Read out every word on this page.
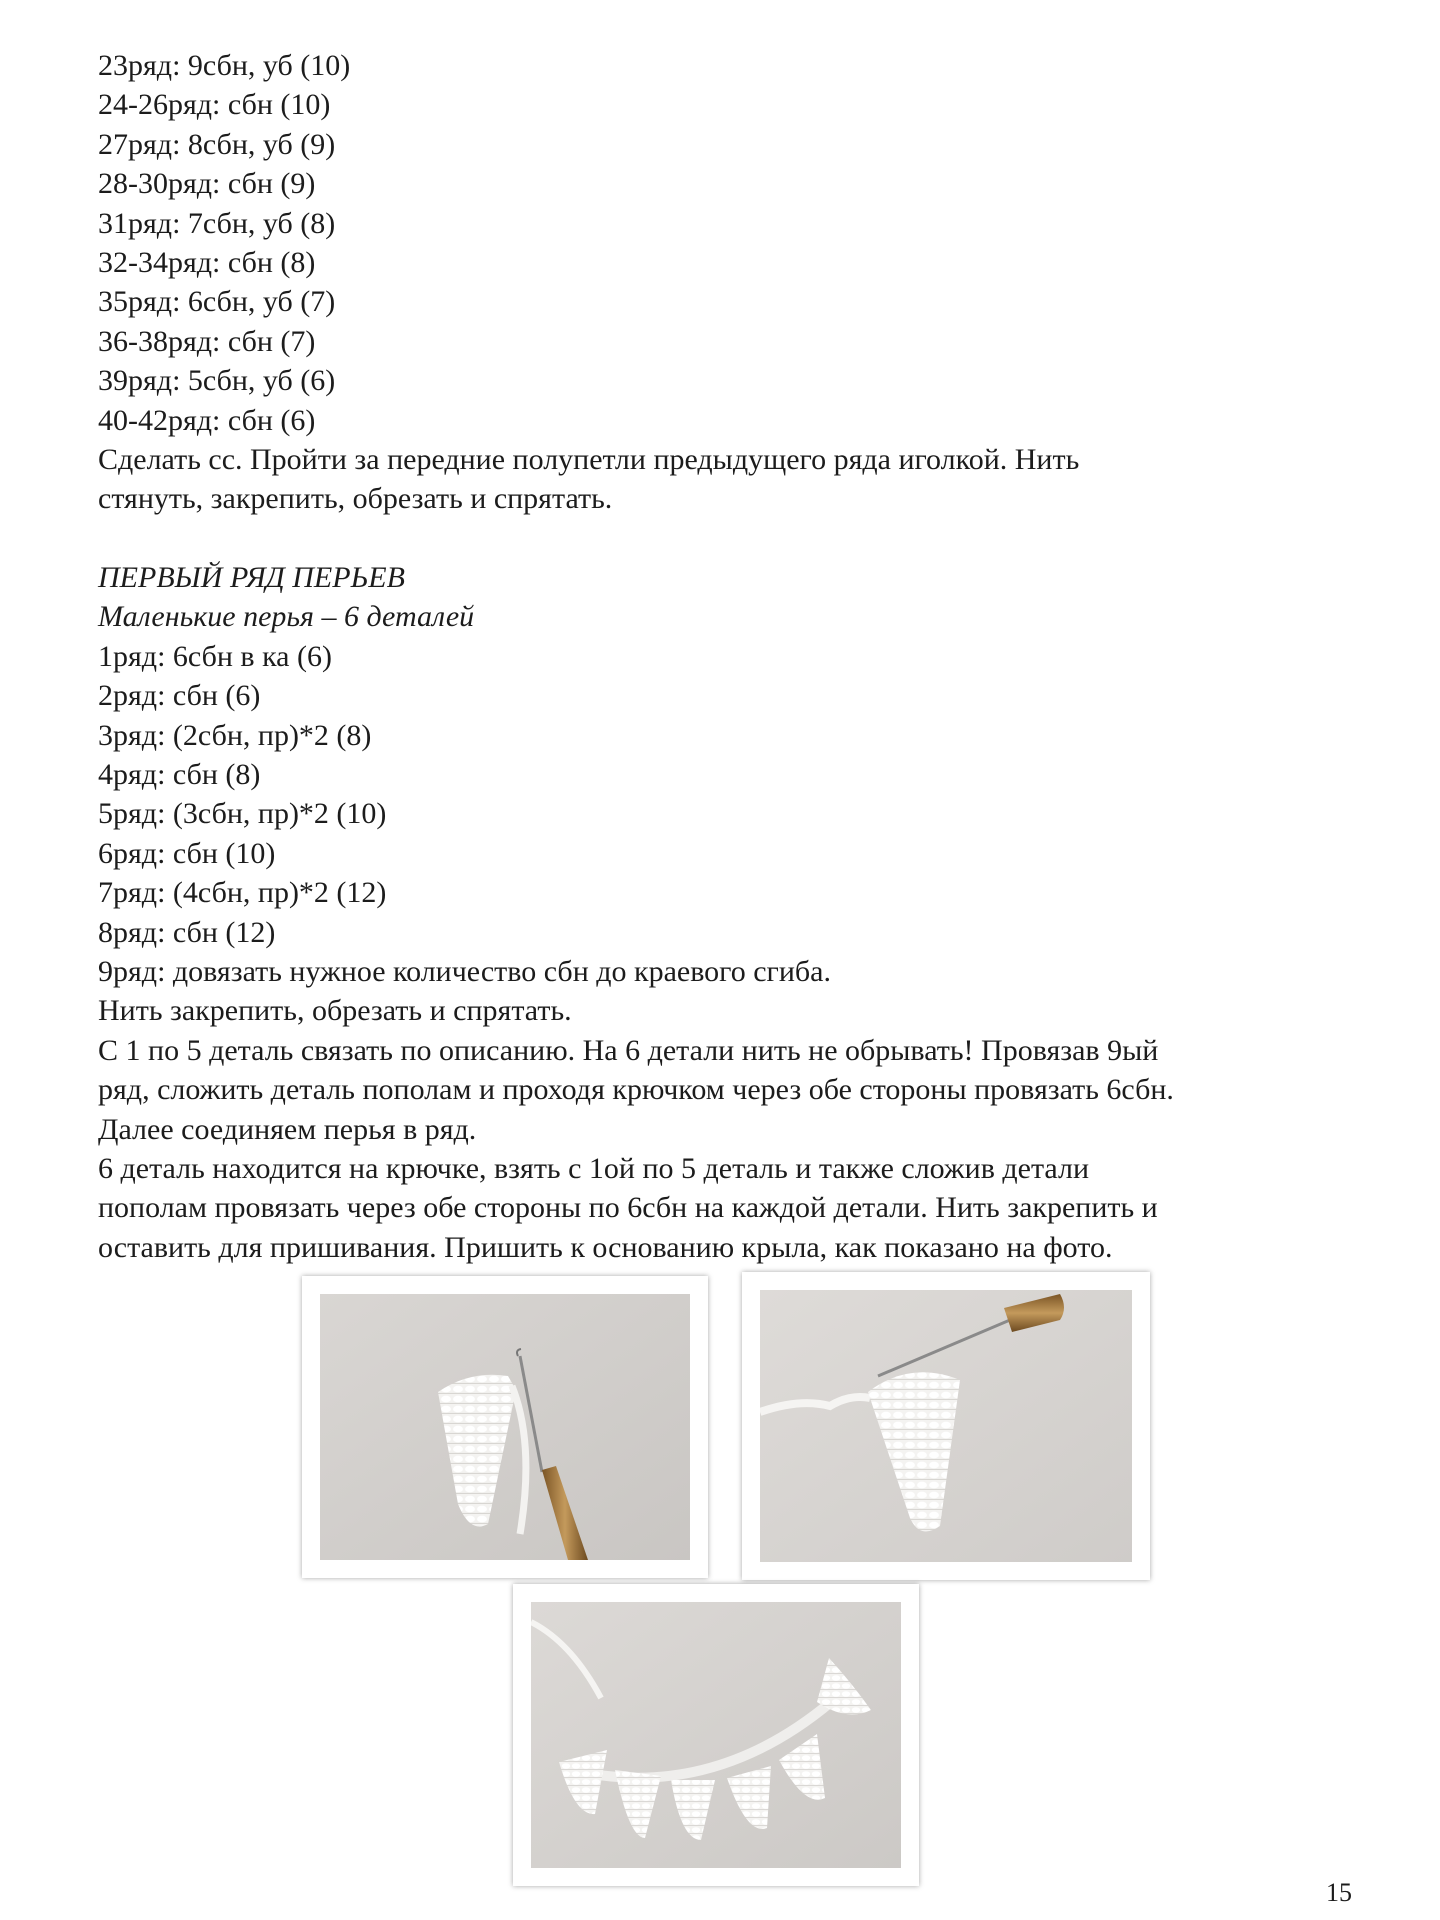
23ряд: 9сбн, уб (10)
24-26ряд: сбн (10)
27ряд: 8сбн, уб (9)
28-30ряд: сбн (9)
31ряд: 7сбн, уб (8)
32-34ряд: сбн (8)
35ряд: 6сбн, уб (7)
36-38ряд: сбн (7)
39ряд: 5сбн, уб (6)
40-42ряд: сбн (6)
Сделать сс. Пройти за передние полупетли предыдущего ряда иголкой. Нить
стянуть, закрепить, обрезать и спрятать.
ПЕРВЫЙ РЯД ПЕРЬЕВ
Маленькие перья – 6 деталей
1ряд: 6сбн в ка (6)
2ряд: сбн (6)
3ряд: (2сбн, пр)*2 (8)
4ряд: сбн (8)
5ряд: (3сбн, пр)*2 (10)
6ряд: сбн (10)
7ряд: (4сбн, пр)*2 (12)
8ряд: сбн (12)
9ряд: довязать нужное количество сбн до краевого сгиба.
Нить закрепить, обрезать и спрятать.
С 1 по 5 деталь связать по описанию. На 6 детали нить не обрывать! Провязав 9ый
ряд, сложить деталь пополам и проходя крючком через обе стороны провязать 6сбн.
Далее соединяем перья в ряд.
6 деталь находится на крючке, взять с 1ой по 5 деталь и также сложив детали
пополам провязать через обе стороны по 6сбн на каждой детали. Нить закрепить и
оставить для пришивания. Пришить к основанию крыла, как показано на фото.
15
